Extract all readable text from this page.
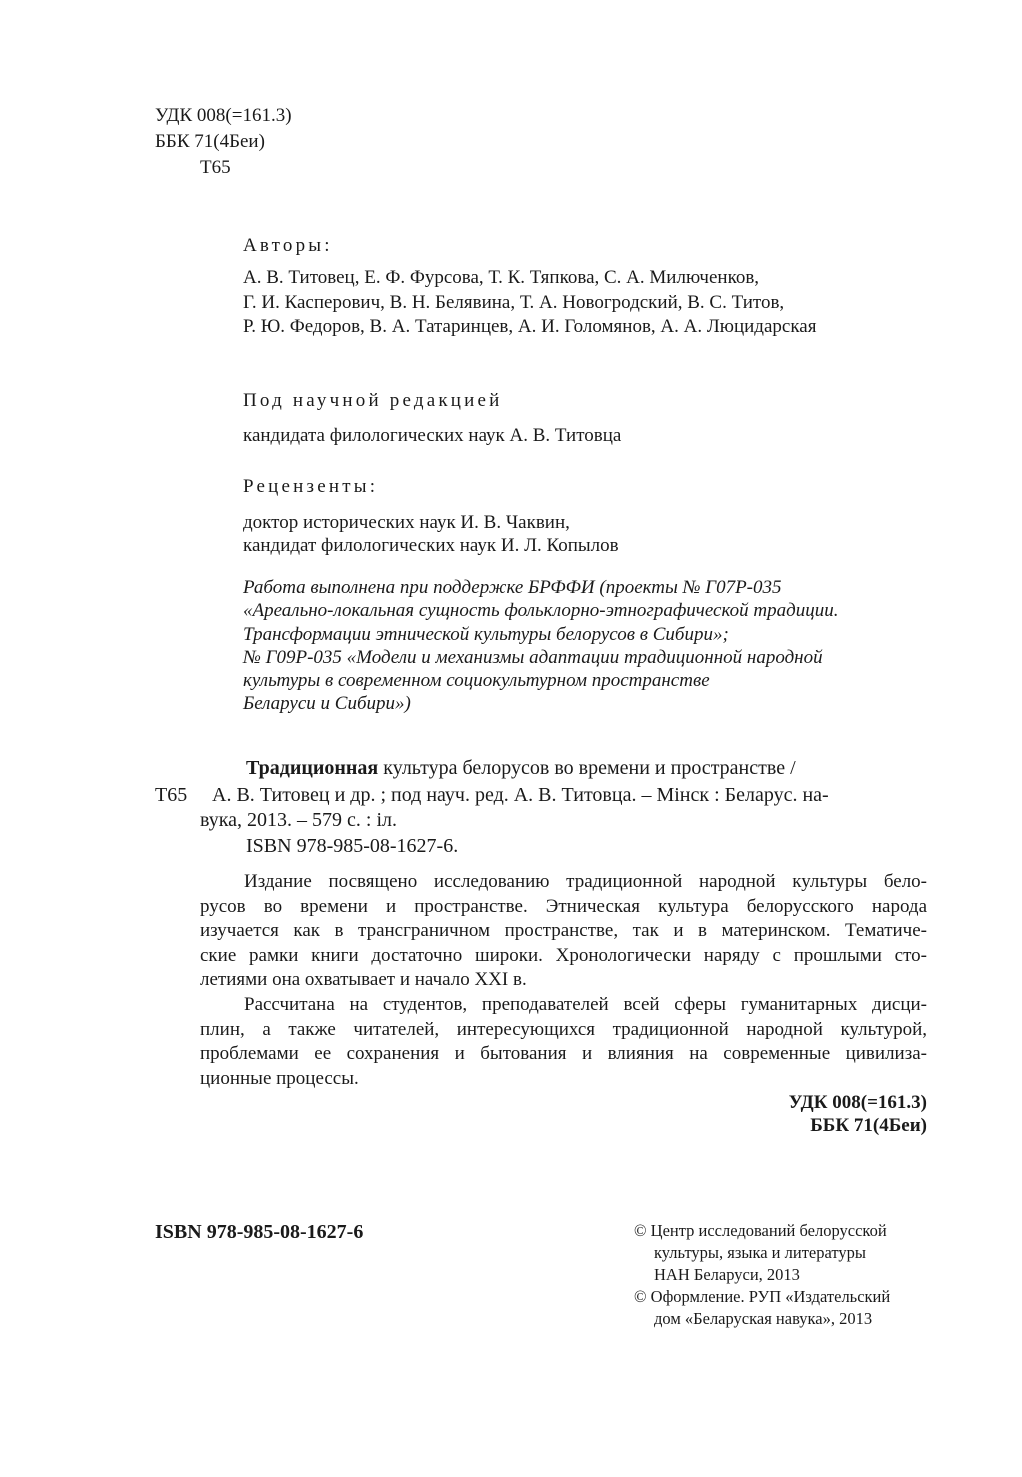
УДК 008(=161.3)
ББК 71(4Беи)
Т65
Авторы:
А. В. Титовец, Е. Ф. Фурсова, Т. К. Тяпкова, С. А. Милюченков,
Г. И. Касперович, В. Н. Белявина, Т. А. Новогродский, В. С. Титов,
Р. Ю. Федоров, В. А. Татаринцев, А. И. Голомянов, А. А. Люцидарская
Под научной редакцией
кандидата филологических наук А. В. Титовца
Рецензенты:
доктор исторических наук И. В. Чаквин,
кандидат филологических наук И. Л. Копылов
Работа выполнена при поддержке БРФФИ (проекты № Г07Р-035
«Ареально-локальная сущность фольклорно-этнографической традиции.
Трансформации этнической культуры белорусов в Сибири»;
№ Г09Р-035 «Модели и механизмы адаптации традиционной народной
культуры в современном социокультурном пространстве
Беларуси и Сибири»)
Традиционная культура белорусов во времени и пространстве /
Т65 А. В. Титовец и др. ; под науч. ред. А. В. Титовца. – Мінск : Беларус. на-
вука, 2013. – 579 с. : іл.
ISBN 978-985-08-1627-6.
Издание посвящено исследованию традиционной народной культуры бело-
русов во времени и пространстве. Этническая культура белорусского народа
изучается как в трансграничном пространстве, так и в материнском. Тематиче-
ские рамки книги достаточно широки. Хронологически наряду с прошлыми сто-
летиями она охватывает и начало XXI в.
Рассчитана на студентов, преподавателей всей сферы гуманитарных дисци-
плин, а также читателей, интересующихся традиционной народной культурой,
проблемами ее сохранения и бытования и влияния на современные цивилиза-
ционные процессы.
УДК 008(=161.3)
ББК 71(4Беи)
ISBN 978-985-08-1627-6	© Центр исследований белорусской
культуры, языка и литературы
НАН Беларуси, 2013
© Оформление. РУП «Издательский
дом «Беларуская навука», 2013
